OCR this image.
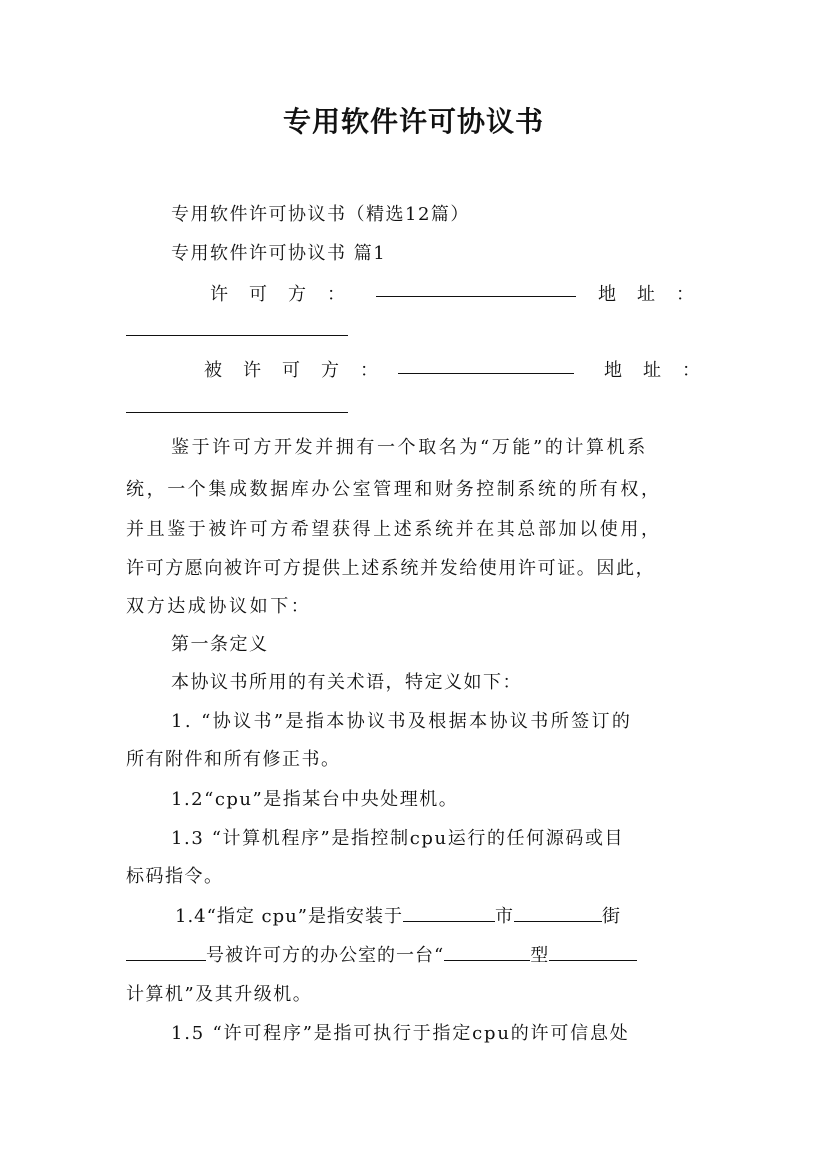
专用软件许可协议书
专用软件许可协议书（精选12篇）
专用软件许可协议书 篇1
许　可　方　：	地　址　：
被　许　可　方　：	地　址　：
鉴于许可方开发并拥有一个取名为“万能”的计算机系
统，一个集成数据库办公室管理和财务控制系统的所有权，
并且鉴于被许可方希望获得上述系统并在其总部加以使用，
许可方愿向被许可方提供上述系统并发给使用许可证。因此，
双方达成协议如下：
第一条定义
本协议书所用的有关术语，特定义如下：
1. “协议书”是指本协议书及根据本协议书所签订的
所有附件和所有修正书。
1.2“cpu”是指某台中央处理机。
1.3 “计算机程序”是指控制cpu运行的任何源码或目
标码指令。
1.4“指定 cpu”是指安装于	市	街
号被许可方的办公室的一台“	型
计算机”及其升级机。
1.5 “许可程序”是指可执行于指定cpu的许可信息处
